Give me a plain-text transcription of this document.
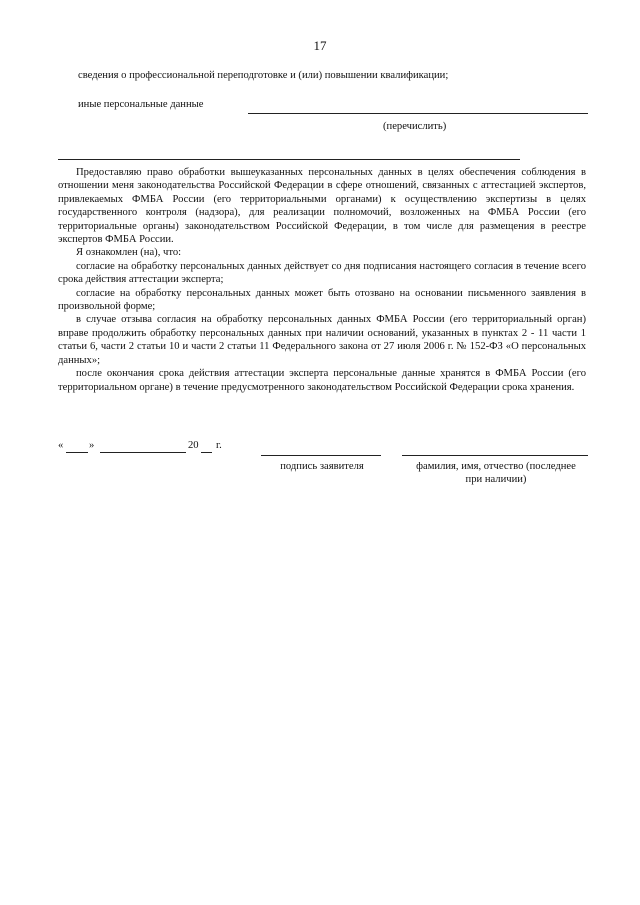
17
сведения о профессиональной переподготовке и (или) повышении квалификации;
иные персональные данные
(перечислить)

Предоставляю право обработки вышеуказанных персональных данных в целях обеспечения соблюдения в отношении меня законодательства Российской Федерации в сфере отношений, связанных с аттестацией экспертов, привлекаемых ФМБА России (его территориальными органами) к осуществлению экспертизы в целях государственного контроля (надзора), для реализации полномочий, возложенных на ФМБА России (его территориальные органы) законодательством Российской Федерации, в том числе для размещения в реестре экспертов ФМБА России.

Я ознакомлен (на), что:

согласие на обработку персональных данных действует со дня подписания настоящего согласия в течение всего срока действия аттестации эксперта;

согласие на обработку персональных данных может быть отозвано на основании письменного заявления в произвольной форме;

в случае отзыва согласия на обработку персональных данных ФМБА России (его территориальный орган) вправе продолжить обработку персональных данных при наличии оснований, указанных в пунктах 2 - 11 части 1 статьи 6, части 2 статьи 10 и части 2 статьи 11 Федерального закона от 27 июля 2006 г. № 152-ФЗ «О персональных данных»;

после окончания срока действия аттестации эксперта персональные данные хранятся в ФМБА России (его территориальном органе) в течение предусмотренного законодательством Российской Федерации срока хранения.

« »	20 г.
подпись заявителя	фамилия, имя, отчество (последнее
при наличии)
